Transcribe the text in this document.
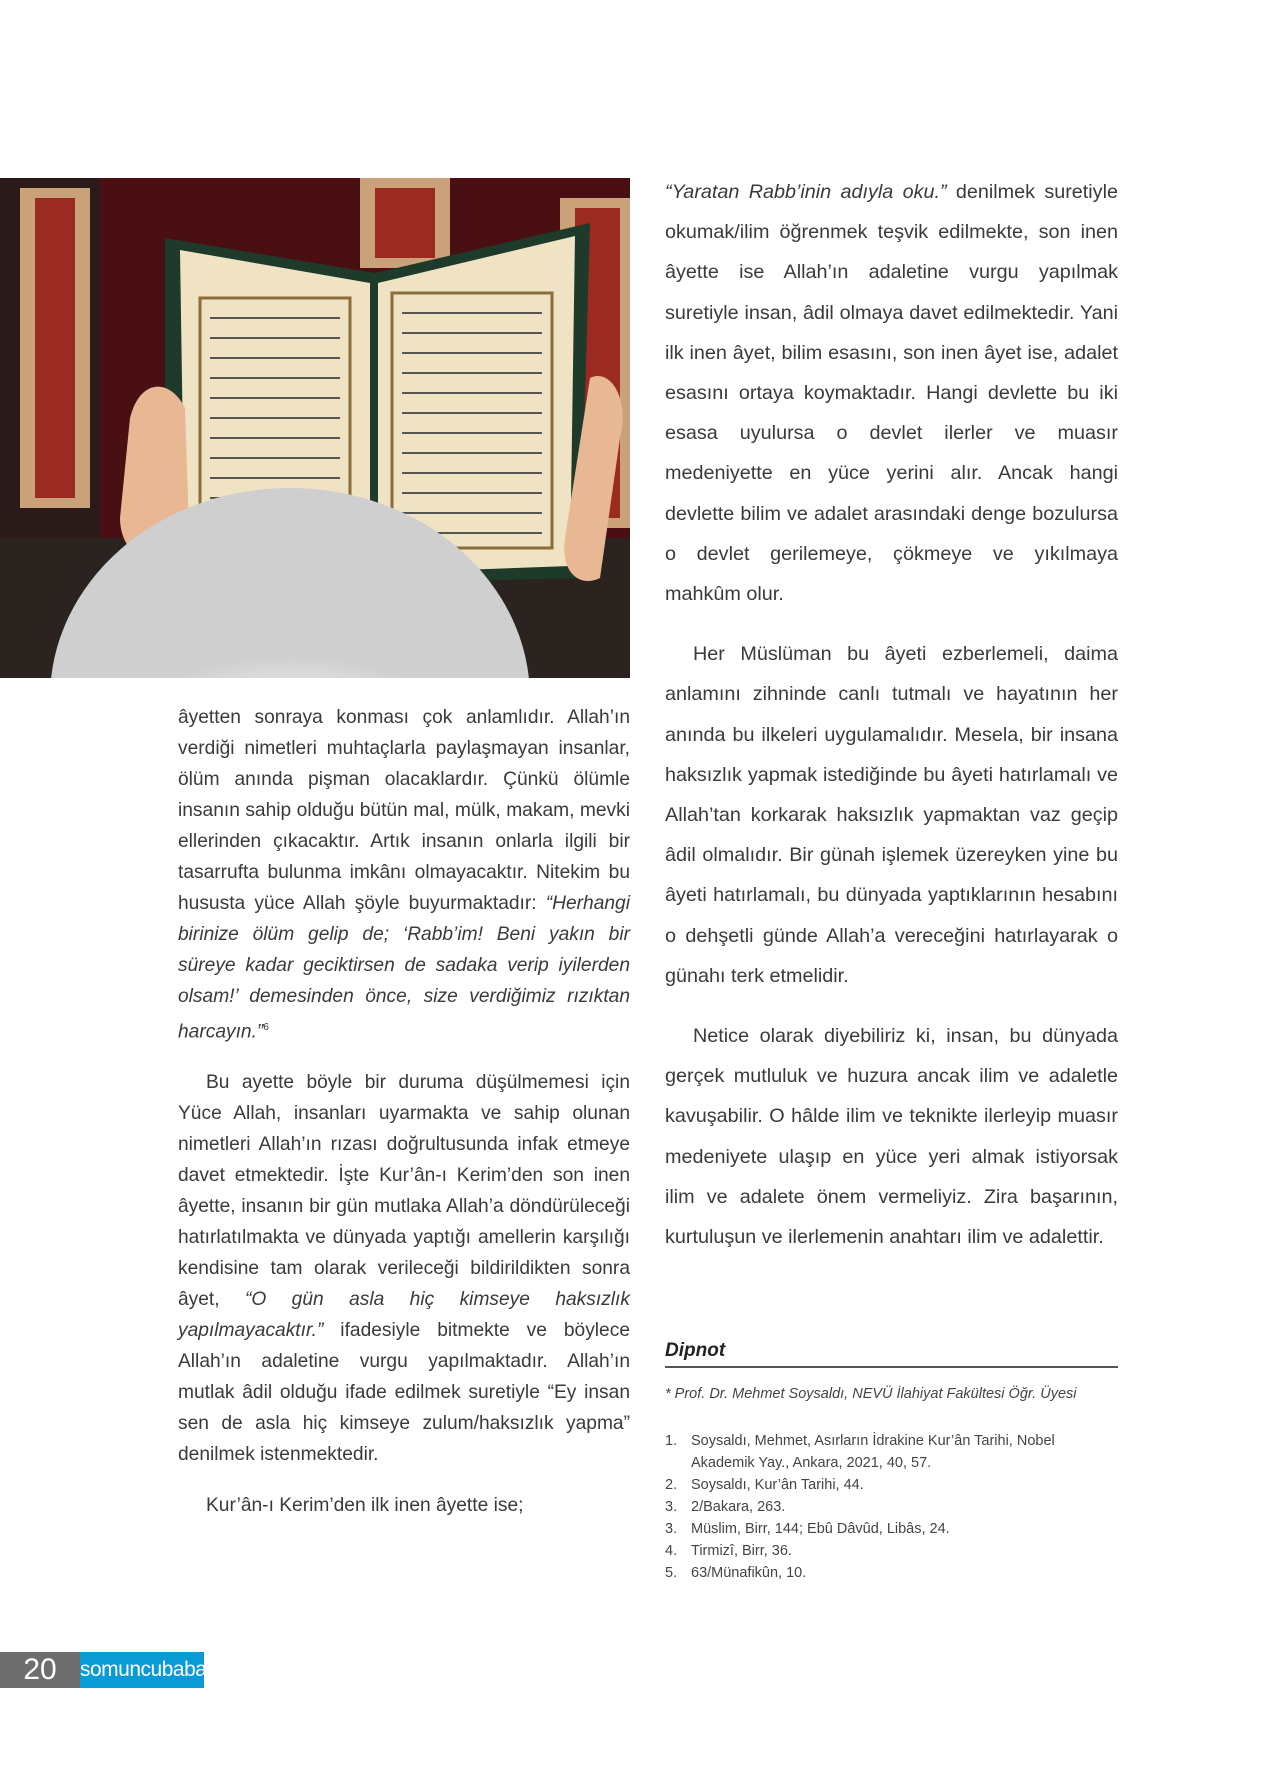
âyetten sonraya konması çok anlamlıdır. Allah’ın verdiği nimetleri muhtaçlarla paylaşmayan insanlar, ölüm anında pişman olacaklardır. Çünkü ölümle insanın sahip olduğu bütün mal, mülk, makam, mevki ellerinden çıkacaktır. Artık insanın onlarla ilgili bir tasarrufta bulunma imkânı olmayacaktır. Nitekim bu hususta yüce Allah şöyle buyurmaktadır: “Herhangi birinize ölüm gelip de; ‘Rabb’im! Beni yakın bir süreye kadar geciktirsen de sadaka verip iyilerden olsam!’ demesinden önce, size verdiğimiz rızıktan harcayın.”$^6$

Bu ayette böyle bir duruma düşülmemesi için Yüce Allah, insanları uyarmakta ve sahip olunan nimetleri Allah’ın rızası doğrultusunda infak etmeye davet etmektedir. İşte Kur’ân-ı Kerim’den son inen âyette, insanın bir gün mutlaka Allah’a döndürüleceği hatırlatılmakta ve dünyada yaptığı amellerin karşılığı kendisine tam olarak verileceği bildirildikten sonra âyet, “O gün asla hiç kimseye haksızlık yapılmayacaktır.” ifadesiyle bitmekte ve böylece Allah’ın adaletine vurgu yapılmaktadır. Allah’ın mutlak âdil olduğu ifade edilmek suretiyle “Ey insan sen de asla hiç kimseye zulum/haksızlık yapma” denilmek istenmektedir.

Kur’ân-ı Kerim’den ilk inen âyette ise;

“Yaratan Rabb’inin adıyla oku.” denilmek suretiyle okumak/ilim öğrenmek teşvik edilmekte, son inen âyette ise Allah’ın adaletine vurgu yapılmak suretiyle insan, âdil olmaya davet edilmektedir. Yani ilk inen âyet, bilim esasını, son inen âyet ise, adalet esasını ortaya koymaktadır. Hangi devlette bu iki esasa uyulursa o devlet ilerler ve muasır medeniyette en yüce yerini alır. Ancak hangi devlette bilim ve adalet arasındaki denge bozulursa o devlet gerilemeye, çökmeye ve yıkılmaya mahkûm olur.

Her Müslüman bu âyeti ezberlemeli, daima anlamını zihninde canlı tutmalı ve hayatının her anında bu ilkeleri uygulamalıdır. Mesela, bir insana haksızlık yapmak istediğinde bu âyeti hatırlamalı ve Allah’tan korkarak haksızlık yapmaktan vaz geçip âdil olmalıdır. Bir günah işlemek üzereyken yine bu âyeti hatırlamalı, bu dünyada yaptıklarının hesabını o dehşetli günde Allah’a vereceğini hatırlayarak o günahı terk etmelidir.

Netice olarak diyebiliriz ki, insan, bu dünyada gerçek mutluluk ve huzura ancak ilim ve adaletle kavuşabilir. O hâlde ilim ve teknikte ilerleyip muasır medeniyete ulaşıp en yüce yeri almak istiyorsak ilim ve adalete önem vermeliyiz. Zira başarının, kurtuluşun ve ilerlemenin anahtarı ilim ve adalettir.

Dipnot
* Prof. Dr. Mehmet Soysaldı, NEVÜ İlahiyat Fakültesi Öğr. Üyesi
1. Soysaldı, Mehmet, Asırların İdrakine Kur’ân Tarihi, Nobel Akademik Yay., Ankara, 2021, 40, 57.
2. Soysaldı, Kur’ân Tarihi, 44.
3. 2/Bakara, 263.
3. Müslim, Birr, 144; Ebû Dâvûd, Libâs, 24.
4. Tirmizî, Birr, 36.
5. 63/Münafikûn, 10.
20	somuncubaba
